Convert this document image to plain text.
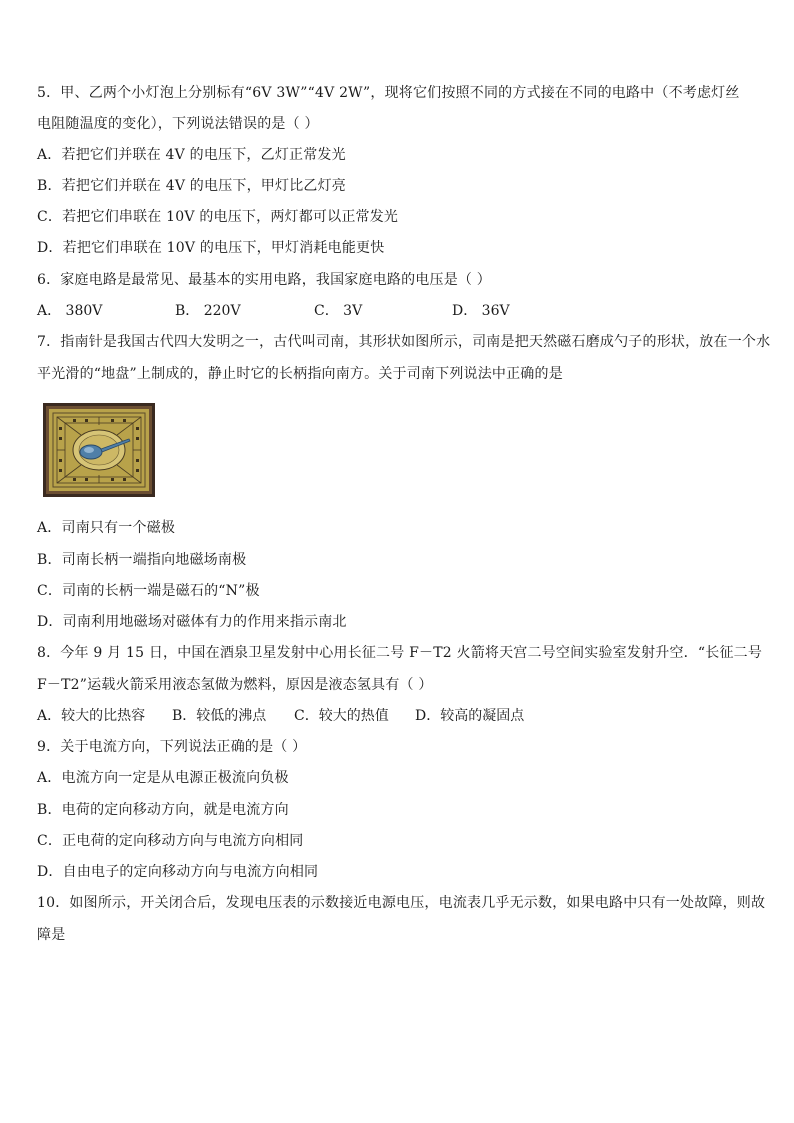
5．甲、乙两个小灯泡上分别标有“6V 3W”“4V 2W”，现将它们按照不同的方式接在不同的电路中（不考虑灯丝
电阻随温度的变化），下列说法错误的是（ ）
A．若把它们并联在 4V 的电压下，乙灯正常发光
B．若把它们并联在 4V 的电压下，甲灯比乙灯亮
C．若把它们串联在 10V 的电压下，两灯都可以正常发光
D．若把它们串联在 10V 的电压下，甲灯消耗电能更快
6．家庭电路是最常见、最基本的实用电路，我国家庭电路的电压是（ ）
A． 380V	B． 220V	C． 3V	D． 36V
7．指南针是我国古代四大发明之一，古代叫司南，其形状如图所示，司南是把天然磁石磨成勺子的形状，放在一个水
平光滑的“地盘”上制成的，静止时它的长柄指向南方。关于司南下列说法中正确的是
A．司南只有一个磁极
B．司南长柄一端指向地磁场南极
C．司南的长柄一端是磁石的“N”极
D．司南利用地磁场对磁体有力的作用来指示南北
8．今年 9 月 15 日，中国在酒泉卫星发射中心用长征二号 F－T2 火箭将天宫二号空间实验室发射升空．“长征二号
F－T2”运载火箭采用液态氢做为燃料，原因是液态氢具有（ ）
A．较大的比热容 B．较低的沸点 C．较大的热值 D．较高的凝固点
9．关于电流方向，下列说法正确的是（ ）
A．电流方向一定是从电源正极流向负极
B．电荷的定向移动方向，就是电流方向
C．正电荷的定向移动方向与电流方向相同
D．自由电子的定向移动方向与电流方向相同
10．如图所示，开关闭合后，发现电压表的示数接近电源电压，电流表几乎无示数，如果电路中只有一处故障，则故
障是
